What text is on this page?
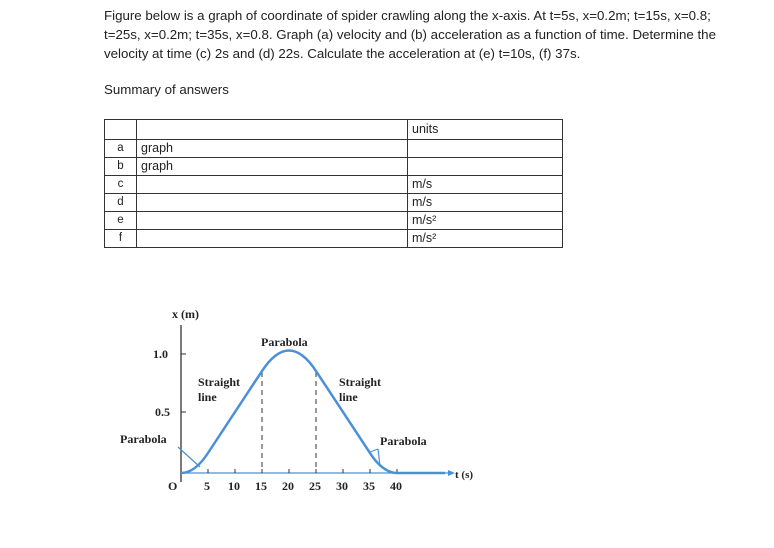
Figure below is a graph of coordinate of spider crawling along the x-axis. At t=5s, x=0.2m; t=15s, x=0.8; t=25s, x=0.2m; t=35s, x=0.8. Graph (a) velocity and (b) acceleration as a function of time. Determine the velocity at time (c) 2s and (d) 22s. Calculate the acceleration at (e) t=10s, (f) 37s.

Summary of answers

		units
a	graph	
b	graph	
c		m/s
d		m/s
e		m/s²
f		m/s²
x (m)
t (s)
O
1.0
0.5
5 10 15 20 25 30 35 40
Parabola
Parabola	Parabola
Straight
line
Straight
line
